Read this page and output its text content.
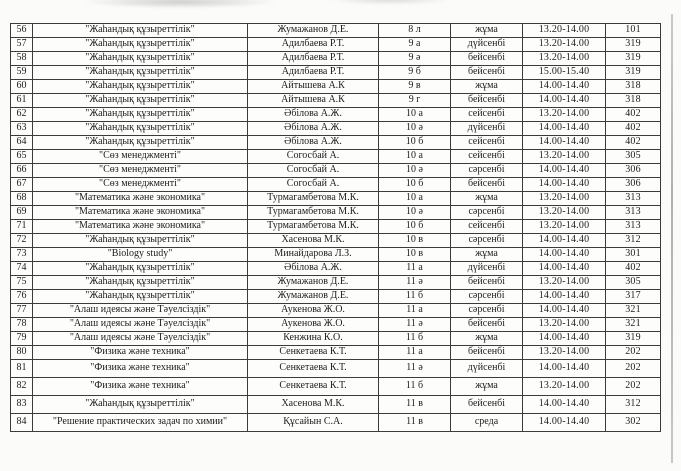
56	"Жаһандық құзыреттілік"	Жумажанов Д.Е.	8 л	жұма	13.20-14.00	101
57	"Жаһандық құзыреттілік"	Адилбаева Р.Т.	9 а	дүйсенбі	13.20-14.00	319
58	"Жаһандық құзыреттілік"	Адилбаева Р.Т.	9 ә	бейсенбі	13.20-14.00	319
59	"Жаһандық құзыреттілік"	Адилбаева Р.Т.	9 б	бейсенбі	15.00-15.40	319
60	"Жаһандық құзыреттілік"	Айтышева А.К	9 в	жұма	14.00-14.40	318
61	"Жаһандық құзыреттілік"	Айтышева А.К	9 г	бейсенбі	14.00-14.40	318
62	"Жаһандық құзыреттілік"	Әбілова А.Ж.	10 а	сейсенбі	13.20-14.00	402
63	"Жаһандық құзыреттілік"	Әбілова А.Ж.	10 ә	дүйсенбі	14.00-14.40	402
64	"Жаһандық құзыреттілік"	Әбілова А.Ж.	10 б	сейсенбі	14.00-14.40	402
65	"Сөз менеджменті"	Согосбай А.	10 а	сейсенбі	13.20-14.00	305
66	"Сөз менеджменті"	Согосбай А.	10 ә	сәрсенбі	14.00-14.40	306
67	"Сөз менеджменті"	Согосбай А.	10 б	бейсенбі	14.00-14.40	306
68	"Математика және экономика"	Турмагамбетова М.К.	10 а	жұма	13.20-14.00	313
69	"Математика және экономика"	Турмагамбетова М.К.	10 ә	сәрсенбі	13.20-14.00	313
71	"Математика және экономика"	Турмагамбетова М.К.	10 б	сейсенбі	13.20-14.00	313
72	"Жаһандық құзыреттілік"	Хасенова М.К.	10 в	сәрсенбі	14.00-14.40	312
73	"Biology study"	Минайдарова Л.З.	10 в	жұма	14.00-14.40	301
74	"Жаһандық құзыреттілік"	Әбілова А.Ж.	11 а	дүйсенбі	14.00-14.40	402
75	"Жаһандық құзыреттілік"	Жумажанов Д.Е.	11 ә	бейсенбі	13.20-14.00	305
76	"Жаһандық құзыреттілік"	Жумажанов Д.Е.	11 б	сәрсенбі	14.00-14.40	317
77	"Алаш идеясы және Тәуелсіздік"	Аукенова Ж.О.	11 а	сәрсенбі	14.00-14.40	321
78	"Алаш идеясы және Тәуелсіздік"	Аукенова Ж.О.	11 ә	бейсенбі	13.20-14.00	321
79	"Алаш идеясы және Тәуелсіздік"	Кенжина К.О.	11 б	жұма	14.00-14.40	319
80	"Физика және техника"	Сенкетаева К.Т.	11 а	бейсенбі	13.20-14.00	202
81	"Физика және техника"	Сенкетаева К.Т.	11 ә	дүйсенбі	14.00-14.40	202
82	"Физика және техника"	Сенкетаева К.Т.	11 б	жұма	13.20-14.00	202
83	"Жаһандық құзыреттілік"	Хасенова М.К.	11 в	бейсенбі	14.00-14.40	312
84	"Решение практических задач по химии"	Құсайын С.А.	11 в	среда	14.00-14.40	302
